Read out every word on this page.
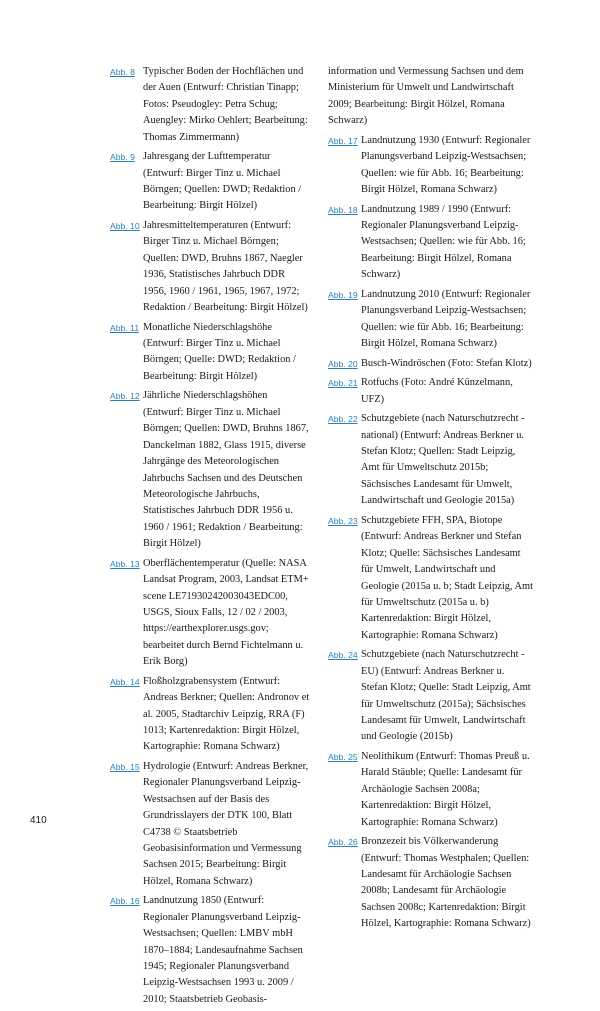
Abb. 8 Typischer Boden der Hochflächen und der Auen (Entwurf: Christian Tinapp; Fotos: Pseudogley: Petra Schug; Auengley: Mirko Oehlert; Bearbeitung: Thomas Zimmermann)
Abb. 9 Jahresgang der Lufttemperatur (Entwurf: Birger Tinz u. Michael Börngen; Quellen: DWD; Redaktion / Bearbeitung: Birgit Hölzel)
Abb. 10 Jahresmitteltemperaturen (Entwurf: Birger Tinz u. Michael Börngen; Quellen: DWD, Bruhns 1867, Naegler 1936, Statistisches Jahrbuch DDR 1956, 1960 / 1961, 1965, 1967, 1972; Redaktion / Bearbeitung: Birgit Hölzel)
Abb. 11 Monatliche Niederschlagshöhe (Entwurf: Birger Tinz u. Michael Börngen; Quelle: DWD; Redaktion / Bearbeitung: Birgit Hölzel)
Abb. 12 Jährliche Niederschlagshöhen (Entwurf: Birger Tinz u. Michael Börngen; Quellen: DWD, Bruhns 1867, Danckelman 1882, Glass 1915, diverse Jahrgänge des Meteorologischen Jahrbuchs Sachsen und des Deutschen Meteorologische Jahrbuchs, Statistisches Jahrbuch DDR 1956 u. 1960 / 1961; Redaktion / Bearbeitung: Birgit Hölzel)
Abb. 13 Oberflächentemperatur (Quelle: NASA Landsat Program, 2003, Landsat ETM+ scene LE71930242003043EDC00, USGS, Sioux Falls, 12 / 02 / 2003, https://earthexplorer.usgs.gov; bearbeitet durch Bernd Fichtelmann u. Erik Borg)
Abb. 14 Floßholzgrabensystem (Entwurf: Andreas Berkner; Quellen: Andronov et al. 2005, Stadtarchiv Leipzig, RRA (F) 1013; Kartenredaktion: Birgit Hölzel, Kartographie: Romana Schwarz)
Abb. 15 Hydrologie (Entwurf: Andreas Berkner, Regionaler Planungsverband Leipzig-Westsachsen auf der Basis des Grundrisslayers der DTK 100, Blatt C4738 © Staatsbetrieb Geobasisinformation und Vermessung Sachsen 2015; Bearbeitung: Birgit Hölzel, Romana Schwarz)
Abb. 16 Landnutzung 1850 (Entwurf: Regionaler Planungsverband Leipzig-Westsachsen; Quellen: LMBV mbH 1870–1884; Landesaufnahme Sachsen 1945; Regionaler Planungsverband Leipzig-Westsachsen 1993 u. 2009 / 2010; Staatsbetrieb Geobasis-
information und Vermessung Sachsen und dem Ministerium für Umwelt und Landwirtschaft 2009; Bearbeitung: Birgit Hölzel, Romana Schwarz)
Abb. 17 Landnutzung 1930 (Entwurf: Regionaler Planungsverband Leipzig-Westsachsen; Quellen: wie für Abb. 16; Bearbeitung: Birgit Hölzel, Romana Schwarz)
Abb. 18 Landnutzung 1989 / 1990 (Entwurf: Regionaler Planungsverband Leipzig-Westsachsen; Quellen: wie für Abb. 16; Bearbeitung: Birgit Hölzel, Romana Schwarz)
Abb. 19 Landnutzung 2010 (Entwurf: Regionaler Planungsverband Leipzig-Westsachsen; Quellen: wie für Abb. 16; Bearbeitung: Birgit Hölzel, Romana Schwarz)
Abb. 20 Busch-Windröschen (Foto: Stefan Klotz)
Abb. 21 Rotfuchs (Foto: André Künzelmann, UFZ)
Abb. 22 Schutzgebiete (nach Naturschutzrecht - national) (Entwurf: Andreas Berkner u. Stefan Klotz; Quellen: Stadt Leipzig, Amt für Umweltschutz 2015b; Sächsisches Landesamt für Umwelt, Landwirtschaft und Geologie 2015a)
Abb. 23 Schutzgebiete FFH, SPA, Biotope (Entwurf: Andreas Berkner und Stefan Klotz; Quelle: Sächsisches Landesamt für Umwelt, Landwirtschaft und Geologie (2015a u. b; Stadt Leipzig, Amt für Umweltschutz (2015a u. b) Kartenredaktion: Birgit Hölzel, Kartographie: Romana Schwarz)
Abb. 24 Schutzgebiete (nach Naturschutzrecht - EU) (Entwurf: Andreas Berkner u. Stefan Klotz; Quelle: Stadt Leipzig, Amt für Umweltschutz (2015a); Sächsisches Landesamt für Umwelt, Landwirtschaft und Geologie (2015b)
Abb. 25 Neolithikum (Entwurf: Thomas Preuß u. Harald Stäuble; Quelle: Landesamt für Archäologie Sachsen 2008a; Kartenredaktion: Birgit Hölzel, Kartographie: Romana Schwarz)
Abb. 26 Bronzezeit bis Völkerwanderung (Entwurf: Thomas Westphalen; Quellen: Landesamt für Archäologie Sachsen 2008b; Landesamt für Archäologie Sachsen 2008c; Kartenredaktion: Birgit Hölzel, Kartographie: Romana Schwarz)
410
